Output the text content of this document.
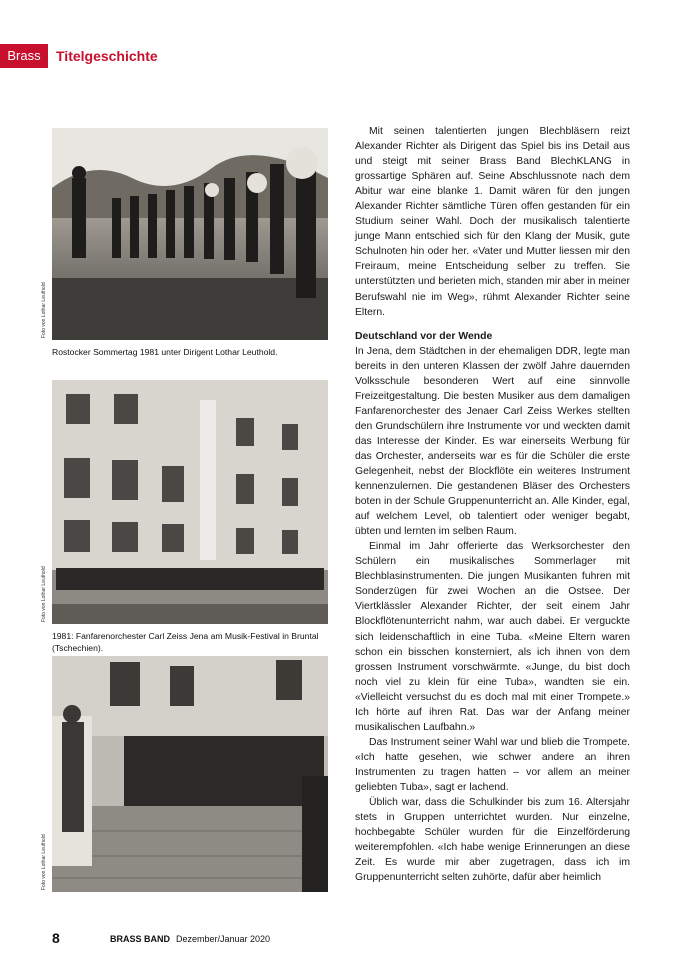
Brass	Titelgeschichte
Foto von Lothar Leuthold
Rostocker Sommertag 1981 unter Dirigent Lothar Leuthold.
Foto von Lothar Leuthold
1981: Fanfarenorchester Carl Zeiss Jena am Musik-Festival in Bruntal (Tschechien).
Foto von Lothar Leuthold

Mit seinen talentierten jungen Blechbläsern reizt Alexander Richter als Dirigent das Spiel bis ins Detail aus und steigt mit seiner Brass Band BlechKLANG in grossartige Sphären auf. Seine Abschlussnote nach dem Abitur war eine blanke 1. Damit wären für den jungen Alexander Richter sämtliche Türen offen gestanden für ein Studium seiner Wahl. Doch der musikalisch talentierte junge Mann entschied sich für den Klang der Musik, gute Schulnoten hin oder her. «Vater und Mutter liessen mir den Freiraum, meine Entscheidung selber zu treffen. Sie unterstützten und berieten mich, standen mir aber in meiner Berufswahl nie im Weg», rühmt Alexander Richter seine Eltern.

Deutschland vor der Wende

In Jena, dem Städtchen in der ehemaligen DDR, legte man bereits in den unteren Klassen der zwölf Jahre dauernden Volksschule besonderen Wert auf eine sinnvolle Freizeitgestaltung. Die besten Musiker aus dem damaligen Fanfarenorchester des Jenaer Carl Zeiss Werkes stellten den Grundschülern ihre Instrumente vor und weckten damit das Interesse der Kinder. Es war einerseits Werbung für das Orchester, anderseits war es für die Schüler die erste Gelegenheit, nebst der Blockflöte ein weiteres Instrument kennenzulernen. Die gestandenen Bläser des Orchesters boten in der Schule Gruppenunterricht an. Alle Kinder, egal, auf welchem Level, ob talentiert oder weniger begabt, übten und lernten im selben Raum.

Einmal im Jahr offerierte das Werksorchester den Schülern ein musikalisches Sommerlager mit Blechblasinstrumenten. Die jungen Musikanten fuhren mit Sonderzügen für zwei Wochen an die Ostsee. Der Viertklässler Alexander Richter, der seit einem Jahr Blockflötenunterricht nahm, war auch dabei. Er verguckte sich leidenschaftlich in eine Tuba. «Meine Eltern waren schon ein bisschen konsterniert, als ich ihnen von dem grossen Instrument vorschwärmte. «Junge, du bist doch noch viel zu klein für eine Tuba», wandten sie ein. «Vielleicht versuchst du es doch mal mit einer Trompete.» Ich hörte auf ihren Rat. Das war der Anfang meiner musikalischen Laufbahn.»

Das Instrument seiner Wahl war und blieb die Trompete. «Ich hatte gesehen, wie schwer andere an ihren Instrumenten zu tragen hatten – vor allem an meiner geliebten Tuba», sagt er lachend.

Üblich war, dass die Schulkinder bis zum 16. Altersjahr stets in Gruppen unterrichtet wurden. Nur einzelne, hochbegabte Schüler wurden für die Einzelförderung weiterempfohlen. «Ich habe wenige Erinnerungen an diese Zeit. Es wurde mir aber zugetragen, dass ich im Gruppenunterricht selten zuhörte, dafür aber heimlich

8	BRASS BAND Dezember/Januar 2020
